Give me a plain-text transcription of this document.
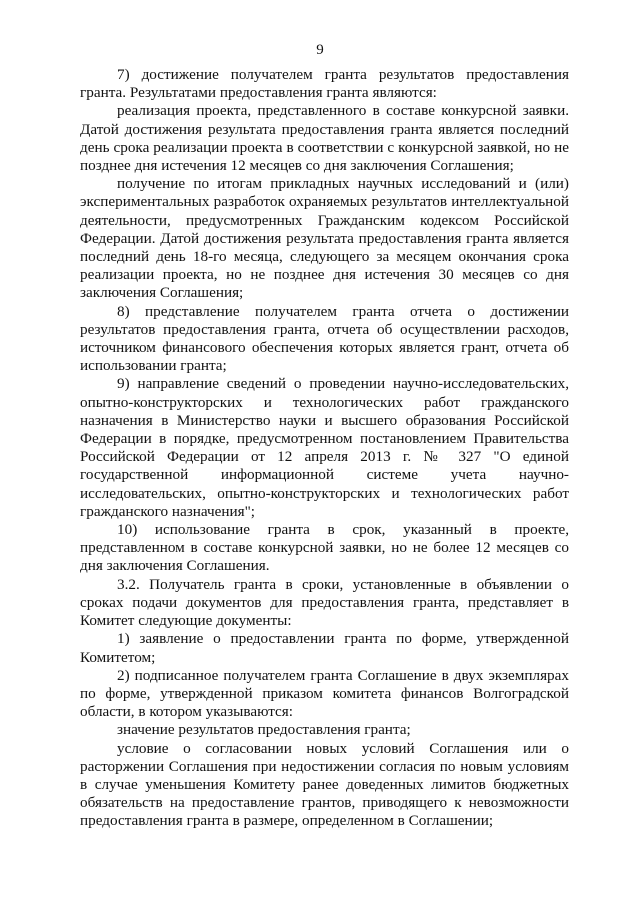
9

7) достижение получателем гранта результатов предоставления гранта. Результатами предоставления гранта являются:

реализация проекта, представленного в составе конкурсной заявки. Датой достижения результата предоставления гранта является последний день срока реализации проекта в соответствии с конкурсной заявкой, но не позднее дня истечения 12 месяцев со дня заключения Соглашения;

получение по итогам прикладных научных исследований и (или) экспериментальных разработок охраняемых результатов интеллектуальной деятельности, предусмотренных Гражданским кодексом Российской Федерации. Датой достижения результата предоставления гранта является последний день 18-го месяца, следующего за месяцем окончания срока реализации проекта, но не позднее дня истечения 30 месяцев со дня заключения Соглашения;

8) представление получателем гранта отчета о достижении результатов предоставления гранта, отчета об осуществлении расходов, источником финансового обеспечения которых является грант, отчета об использовании гранта;

9) направление сведений о проведении научно-исследовательских, опытно-конструкторских и технологических работ гражданского назначения в Министерство науки и высшего образования Российской Федерации в порядке, предусмотренном постановлением Правительства Российской Федерации от 12 апреля 2013 г. № 327 "О единой государственной информационной системе учета научно-исследовательских, опытно-конструкторских и технологических работ гражданского назначения";

10) использование гранта в срок, указанный в проекте, представленном в составе конкурсной заявки, но не более 12 месяцев со дня заключения Соглашения.

3.2. Получатель гранта в сроки, установленные в объявлении о сроках подачи документов для предоставления гранта, представляет в Комитет следующие документы:

1) заявление о предоставлении гранта по форме, утвержденной Комитетом;

2) подписанное получателем гранта Соглашение в двух экземплярах по форме, утвержденной приказом комитета финансов Волгоградской области, в котором указываются:

значение результатов предоставления гранта;

условие о согласовании новых условий Соглашения или о расторжении Соглашения при недостижении согласия по новым условиям в случае уменьшения Комитету ранее доведенных лимитов бюджетных обязательств на предоставление грантов, приводящего к невозможности предоставления гранта в размере, определенном в Соглашении;
